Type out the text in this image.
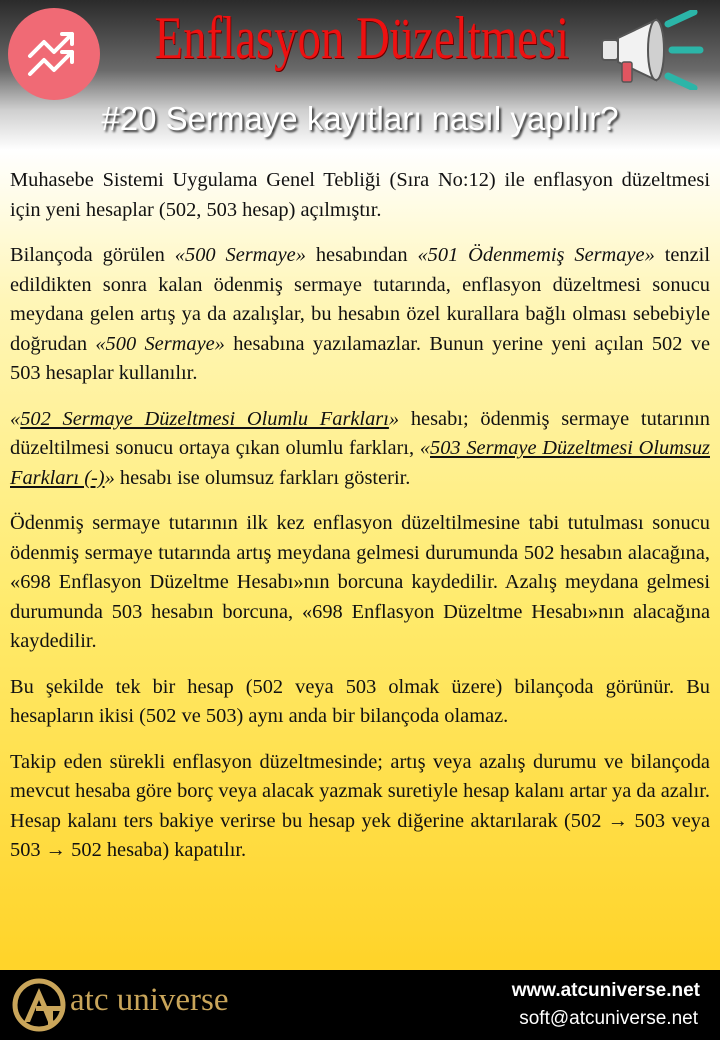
Enflasyon Düzeltmesi
#20 Sermaye kayıtları nasıl yapılır?

Muhasebe Sistemi Uygulama Genel Tebliği (Sıra No:12) ile enflasyon düzeltmesi için yeni hesaplar (502, 503 hesap) açılmıştır.

Bilançoda görülen «500 Sermaye» hesabından «501 Ödenmemiş Sermaye» tenzil edildikten sonra kalan ödenmiş sermaye tutarında, enflasyon düzeltmesi sonucu meydana gelen artış ya da azalışlar, bu hesabın özel kurallara bağlı olması sebebiyle doğrudan «500 Sermaye» hesabına yazılamazlar. Bunun yerine yeni açılan 502 ve 503 hesaplar kullanılır.

«502 Sermaye Düzeltmesi Olumlu Farkları» hesabı; ödenmiş sermaye tutarının düzeltilmesi sonucu ortaya çıkan olumlu farkları, «503 Sermaye Düzeltmesi Olumsuz Farkları (-)» hesabı ise olumsuz farkları gösterir.

Ödenmiş sermaye tutarının ilk kez enflasyon düzeltilmesine tabi tutulması sonucu ödenmiş sermaye tutarında artış meydana gelmesi durumunda 502 hesabın alacağına, «698 Enflasyon Düzeltme Hesabı»nın borcuna kaydedilir. Azalış meydana gelmesi durumunda 503 hesabın borcuna, «698 Enflasyon Düzeltme Hesabı»nın alacağına kaydedilir.

Bu şekilde tek bir hesap (502 veya 503 olmak üzere) bilançoda görünür. Bu hesapların ikisi (502 ve 503) aynı anda bir bilançoda olamaz.

Takip eden sürekli enflasyon düzeltmesinde; artış veya azalış durumu ve bilançoda mevcut hesaba göre borç veya alacak yazmak suretiyle hesap kalanı artar ya da azalır. Hesap kalanı ters bakiye verirse bu hesap yek diğerine aktarılarak (502 → 503 veya 503 → 502 hesaba) kapatılır.

atc universe	www.atcuniverse.net
soft@atcuniverse.net
